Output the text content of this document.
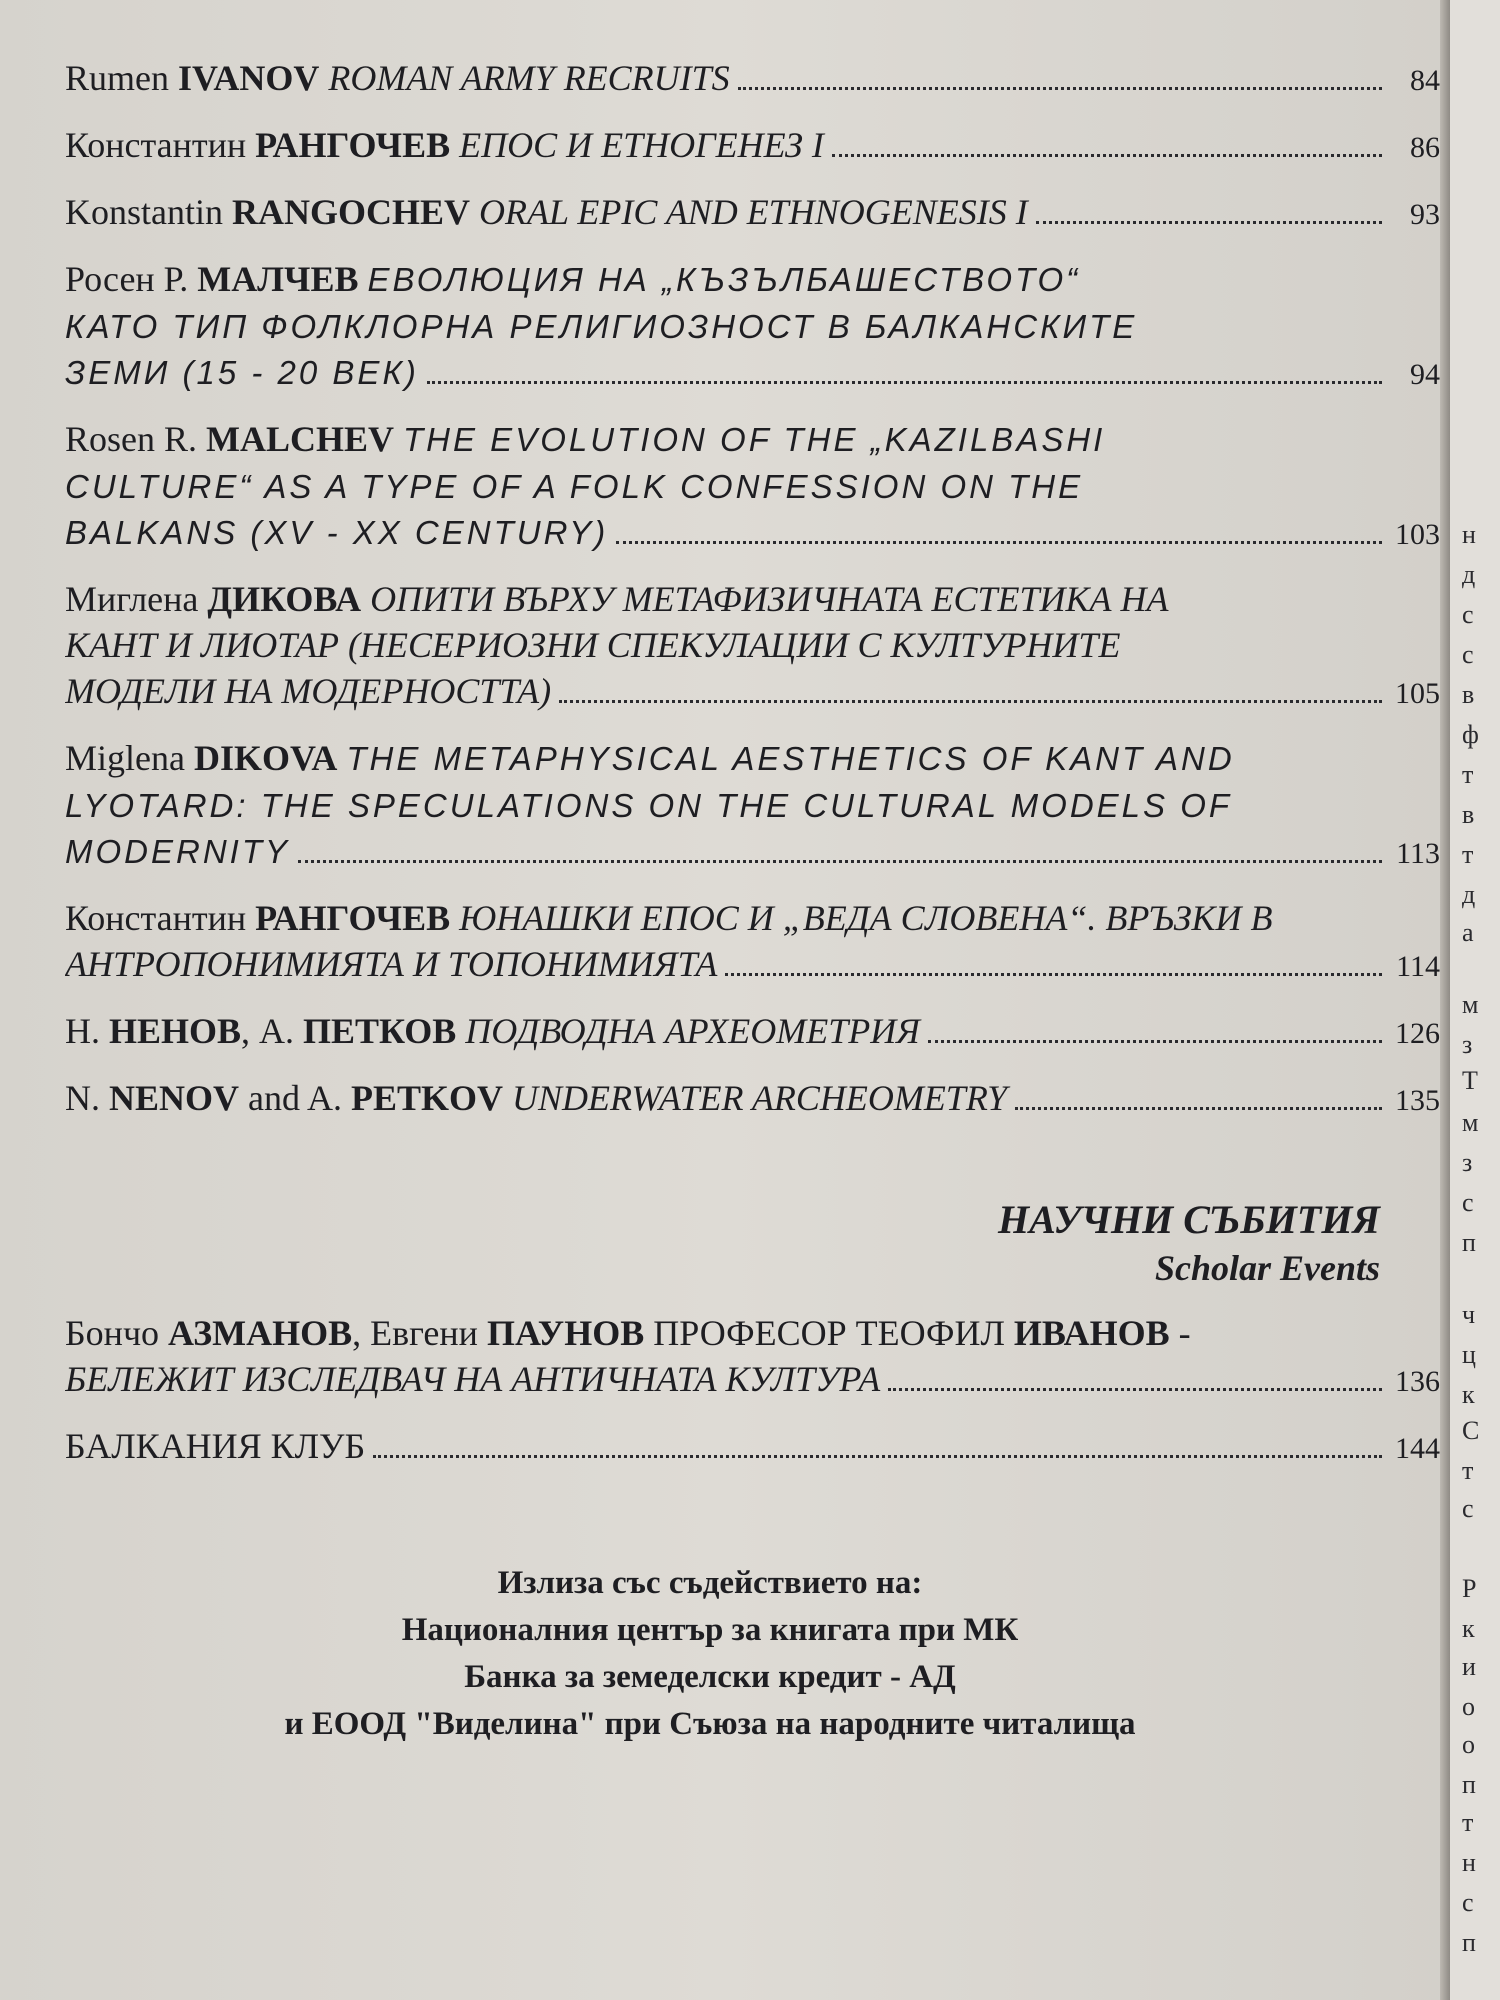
Rumen IVANOV ROMAN ARMY RECRUITS	84
Константин РАНГОЧЕВ ЕПОС И ЕТНОГЕНЕЗ I	86
Konstantin RANGOCHEV ORAL EPIC AND ETHNOGENESIS I	93
Росен Р. МАЛЧЕВ ЕВОЛЮЦИЯ НА „КЪЗЪЛБАШЕСТВОТО“
КАТО ТИП ФОЛКЛОРНА РЕЛИГИОЗНОСТ В БАЛКАНСКИТЕ
ЗЕМИ (15 - 20 ВЕК)	94
Rosen R. MALCHEV THE EVOLUTION OF THE „KAZILBASHI
CULTURE“ AS A TYPE OF A FOLK CONFESSION ON THE
BALKANS (XV - XX CENTURY)	103
Миглена ДИКОВА ОПИТИ ВЪРХУ МЕТАФИЗИЧНАТА ЕСТЕТИКА НА
КАНТ И ЛИОТАР (НЕСЕРИОЗНИ СПЕКУЛАЦИИ С КУЛТУРНИТЕ
МОДЕЛИ НА МОДЕРНОСТТА)	105
Miglena DIKOVA THE METAPHYSICAL AESTHETICS OF KANT AND
LYOTARD: THE SPECULATIONS ON THE CULTURAL MODELS OF
MODERNITY	113
Константин РАНГОЧЕВ ЮНАШКИ ЕПОС И „ВЕДА СЛОВЕНА“. ВРЪЗКИ В
АНТРОПОНИМИЯТА И ТОПОНИМИЯТА	114
Н. НЕНОВ, А. ПЕТКОВ ПОДВОДНА АРХЕОМЕТРИЯ	126
N. NENOV and A. PETKOV UNDERWATER ARCHEOMETRY	135
НАУЧНИ СЪБИТИЯ
Scholar Events
Бончо АЗМАНОВ, Евгени ПАУНОВ ПРОФЕСОР ТЕОФИЛ ИВАНОВ -
БЕЛЕЖИТ ИЗСЛЕДВАЧ НА АНТИЧНАТА КУЛТУРА	136
БАЛКАНИЯ КЛУБ	144
Излиза със съдействието на:
Националния център за книгата при МК
Банка за земеделски кредит - АД
и ЕООД "Виделина" при Съюза на народните читалища
н
д
с
с
в
ф
т
в
т
д
а
м
з
Т
м
з
с
п
ч
ц
к
С
т
с
Р
к
и
о
о
п
т
н
с
п
